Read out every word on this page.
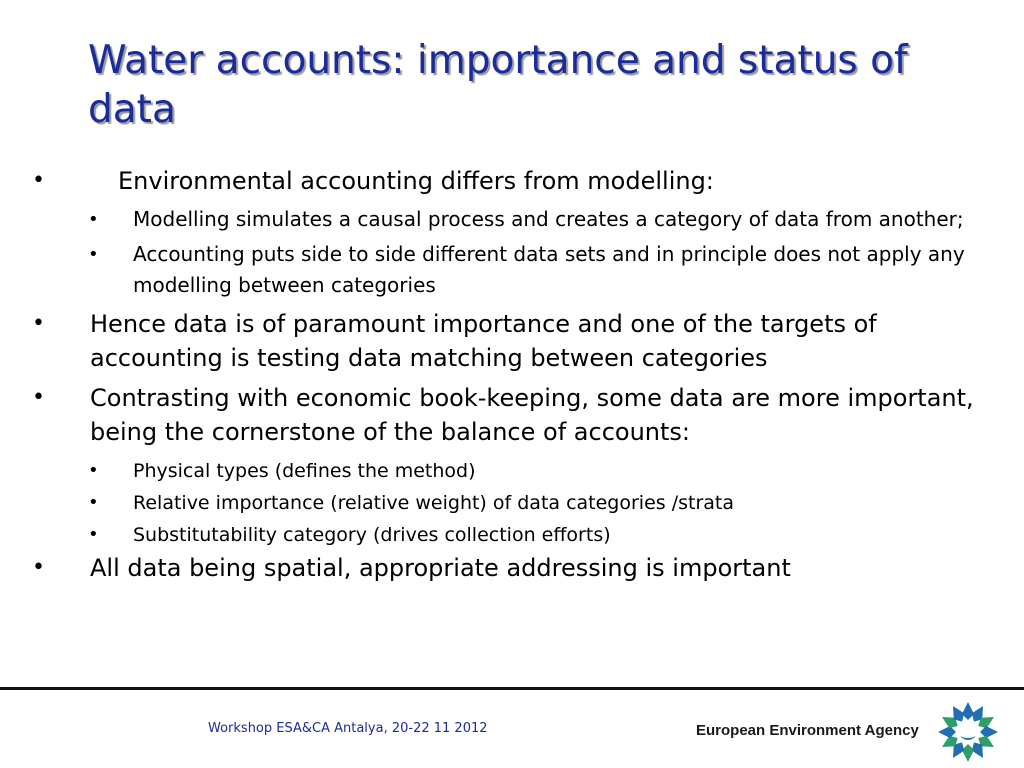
Water accounts: importance and status of data
•	Environmental accounting differs from modelling:
• Modelling simulates a causal process and creates a category of data from another;
• Accounting puts side to side different data sets and in principle does not apply any modelling between categories
• Hence data is of paramount importance and one of the targets of accounting is testing data matching between categories
• Contrasting with economic book-keeping, some data are more important, being the cornerstone of the balance of accounts:
• Physical types (defines the method)
• Relative importance (relative weight) of data categories /strata
• Substitutability category (drives collection efforts)
• All data being spatial, appropriate addressing is important
Workshop ESA&CA Antalya, 20-22 11 2012	European Environment Agency
